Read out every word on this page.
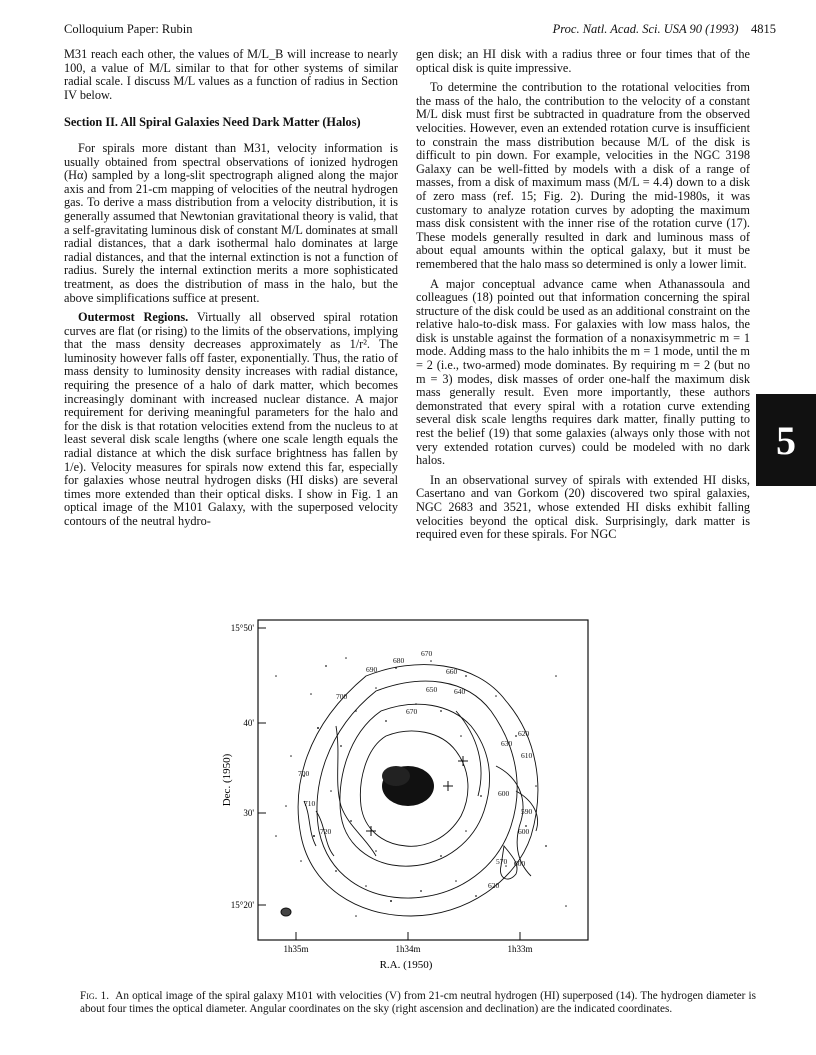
Colloquium Paper: Rubin	Proc. Natl. Acad. Sci. USA 90 (1993) 4815

M31 reach each other, the values of M/L_B will increase to nearly 100, a value of M/L similar to that for other systems of similar radial scale. I discuss M/L values as a function of radius in Section IV below.

Section II. All Spiral Galaxies Need Dark Matter (Halos)

For spirals more distant than M31, velocity information is usually obtained from spectral observations of ionized hydrogen (Hα) sampled by a long-slit spectrograph aligned along the major axis and from 21-cm mapping of velocities of the neutral hydrogen gas. To derive a mass distribution from a velocity distribution, it is generally assumed that Newtonian gravitational theory is valid, that a self-gravitating luminous disk of constant M/L dominates at small radial distances, that a dark isothermal halo dominates at large radial distances, and that the internal extinction is not a function of radius. Surely the internal extinction merits a more sophisticated treatment, as does the distribution of mass in the halo, but the above simplifications suffice at present.

Outermost Regions. Virtually all observed spiral rotation curves are flat (or rising) to the limits of the observations, implying that the mass density decreases approximately as 1/r². The luminosity however falls off faster, exponentially. Thus, the ratio of mass density to luminosity density increases with radial distance, requiring the presence of a halo of dark matter, which becomes increasingly dominant with increased nuclear distance. A major requirement for deriving meaningful parameters for the halo and for the disk is that rotation velocities extend from the nucleus to at least several disk scale lengths (where one scale length equals the radial distance at which the disk surface brightness has fallen by 1/e). Velocity measures for spirals now extend this far, especially for galaxies whose neutral hydrogen disks (HI disks) are several times more extended than their optical disks. I show in Fig. 1 an optical image of the M101 Galaxy, with the superposed velocity contours of the neutral hydro-

gen disk; an HI disk with a radius three or four times that of the optical disk is quite impressive.

To determine the contribution to the rotational velocities from the mass of the halo, the contribution to the velocity of a constant M/L disk must first be subtracted in quadrature from the observed velocities. However, even an extended rotation curve is insufficient to constrain the mass distribution because M/L of the disk is difficult to pin down. For example, velocities in the NGC 3198 Galaxy can be well-fitted by models with a disk of a range of masses, from a disk of maximum mass (M/L = 4.4) down to a disk of zero mass (ref. 15; Fig. 2). During the mid-1980s, it was customary to analyze rotation curves by adopting the maximum mass disk consistent with the inner rise of the rotation curve (17). These models generally resulted in dark and luminous mass of about equal amounts within the optical galaxy, but it must be remembered that the halo mass so determined is only a lower limit.

A major conceptual advance came when Athanassoula and colleagues (18) pointed out that information concerning the spiral structure of the disk could be used as an additional constraint on the relative halo-to-disk mass. For galaxies with low mass halos, the disk is unstable against the formation of a nonaxisymmetric m = 1 mode. Adding mass to the halo inhibits the m = 1 mode, until the m = 2 (i.e., two-armed) mode dominates. By requiring m = 2 (but no m = 3) modes, disk masses of order one-half the maximum disk mass generally result. Even more importantly, these authors demonstrated that every spiral with a rotation curve extending several disk scale lengths requires dark matter, finally putting to rest the belief (19) that some galaxies (always only those with not very extended rotation curves) could be modeled with no dark halos.

In an observational survey of spirals with extended HI disks, Casertano and van Gorkom (20) discovered two spiral galaxies, NGC 2683 and 3521, whose extended HI disks exhibit falling velocities beyond the optical disk. Surprisingly, dark matter is required even for these spirals. For NGC

5
15°50'
40'
30'
15°20'
1h35m	1h34m	1h33m
R.A. (1950)
Dec. (1950)
670
680
690	660
650 640
700
670
630
620
610
700
710
720
600
590
600
570 600
620
Fig. 1. An optical image of the spiral galaxy M101 with velocities (V) from 21-cm neutral hydrogen (HI) superposed (14). The hydrogen diameter is about four times the optical diameter. Angular coordinates on the sky (right ascension and declination) are the indicated coordinates.
